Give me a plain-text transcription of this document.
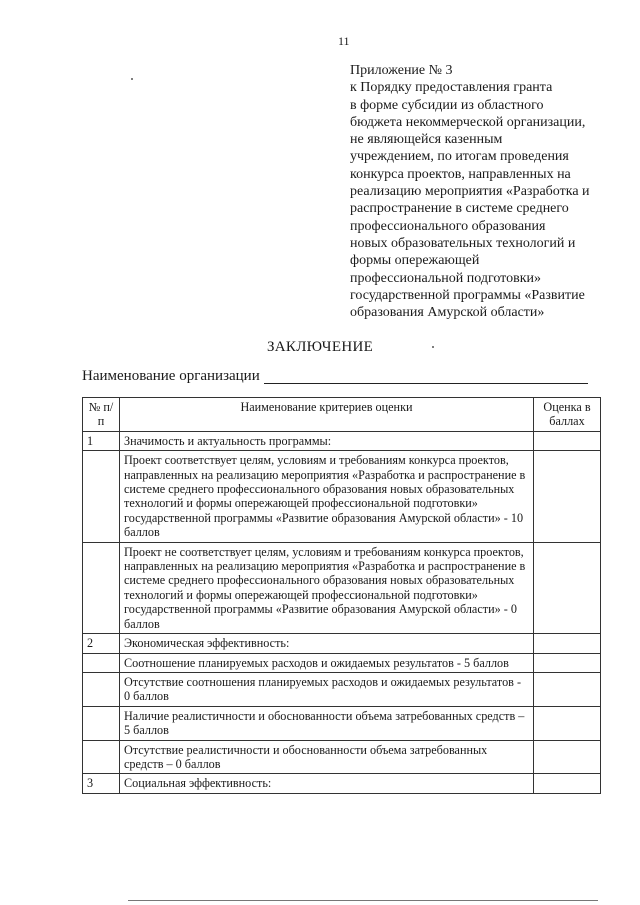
11
Приложение № 3
к Порядку предоставления гранта
в форме субсидии из областного
бюджета некоммерческой организации,
не являющейся казенным
учреждением, по итогам проведения
конкурса проектов, направленных на
реализацию мероприятия «Разработка и
распространение в системе среднего
профессионального образования
новых образовательных технологий и
формы опережающей
профессиональной подготовки»
государственной программы «Развитие
образования Амурской области»
ЗАКЛЮЧЕНИЕ
Наименование организации
№ п/п	Наименование критериев оценки	Оценка в баллах
1	Значимость и актуальность программы:	
	Проект соответствует целям, условиям и требованиям конкурса проектов, направленных на реализацию мероприятия «Разработка и распространение в системе среднего профессионального образования новых образовательных технологий и формы опережающей профессиональной подготовки» государственной программы «Развитие образования Амурской области» - 10 баллов	
	Проект не соответствует целям, условиям и требованиям конкурса проектов, направленных на реализацию мероприятия «Разработка и распространение в системе среднего профессионального образования новых образовательных технологий и формы опережающей профессиональной подготовки» государственной программы «Развитие образования Амурской области» - 0 баллов	
2	Экономическая эффективность:	
	Соотношение планируемых расходов и ожидаемых результатов - 5 баллов	
	Отсутствие соотношения планируемых расходов и ожидаемых результатов - 0 баллов	
	Наличие реалистичности и обоснованности объема затребованных средств – 5 баллов	
	Отсутствие реалистичности и обоснованности объема затребованных средств – 0 баллов	
3	Социальная эффективность:	
